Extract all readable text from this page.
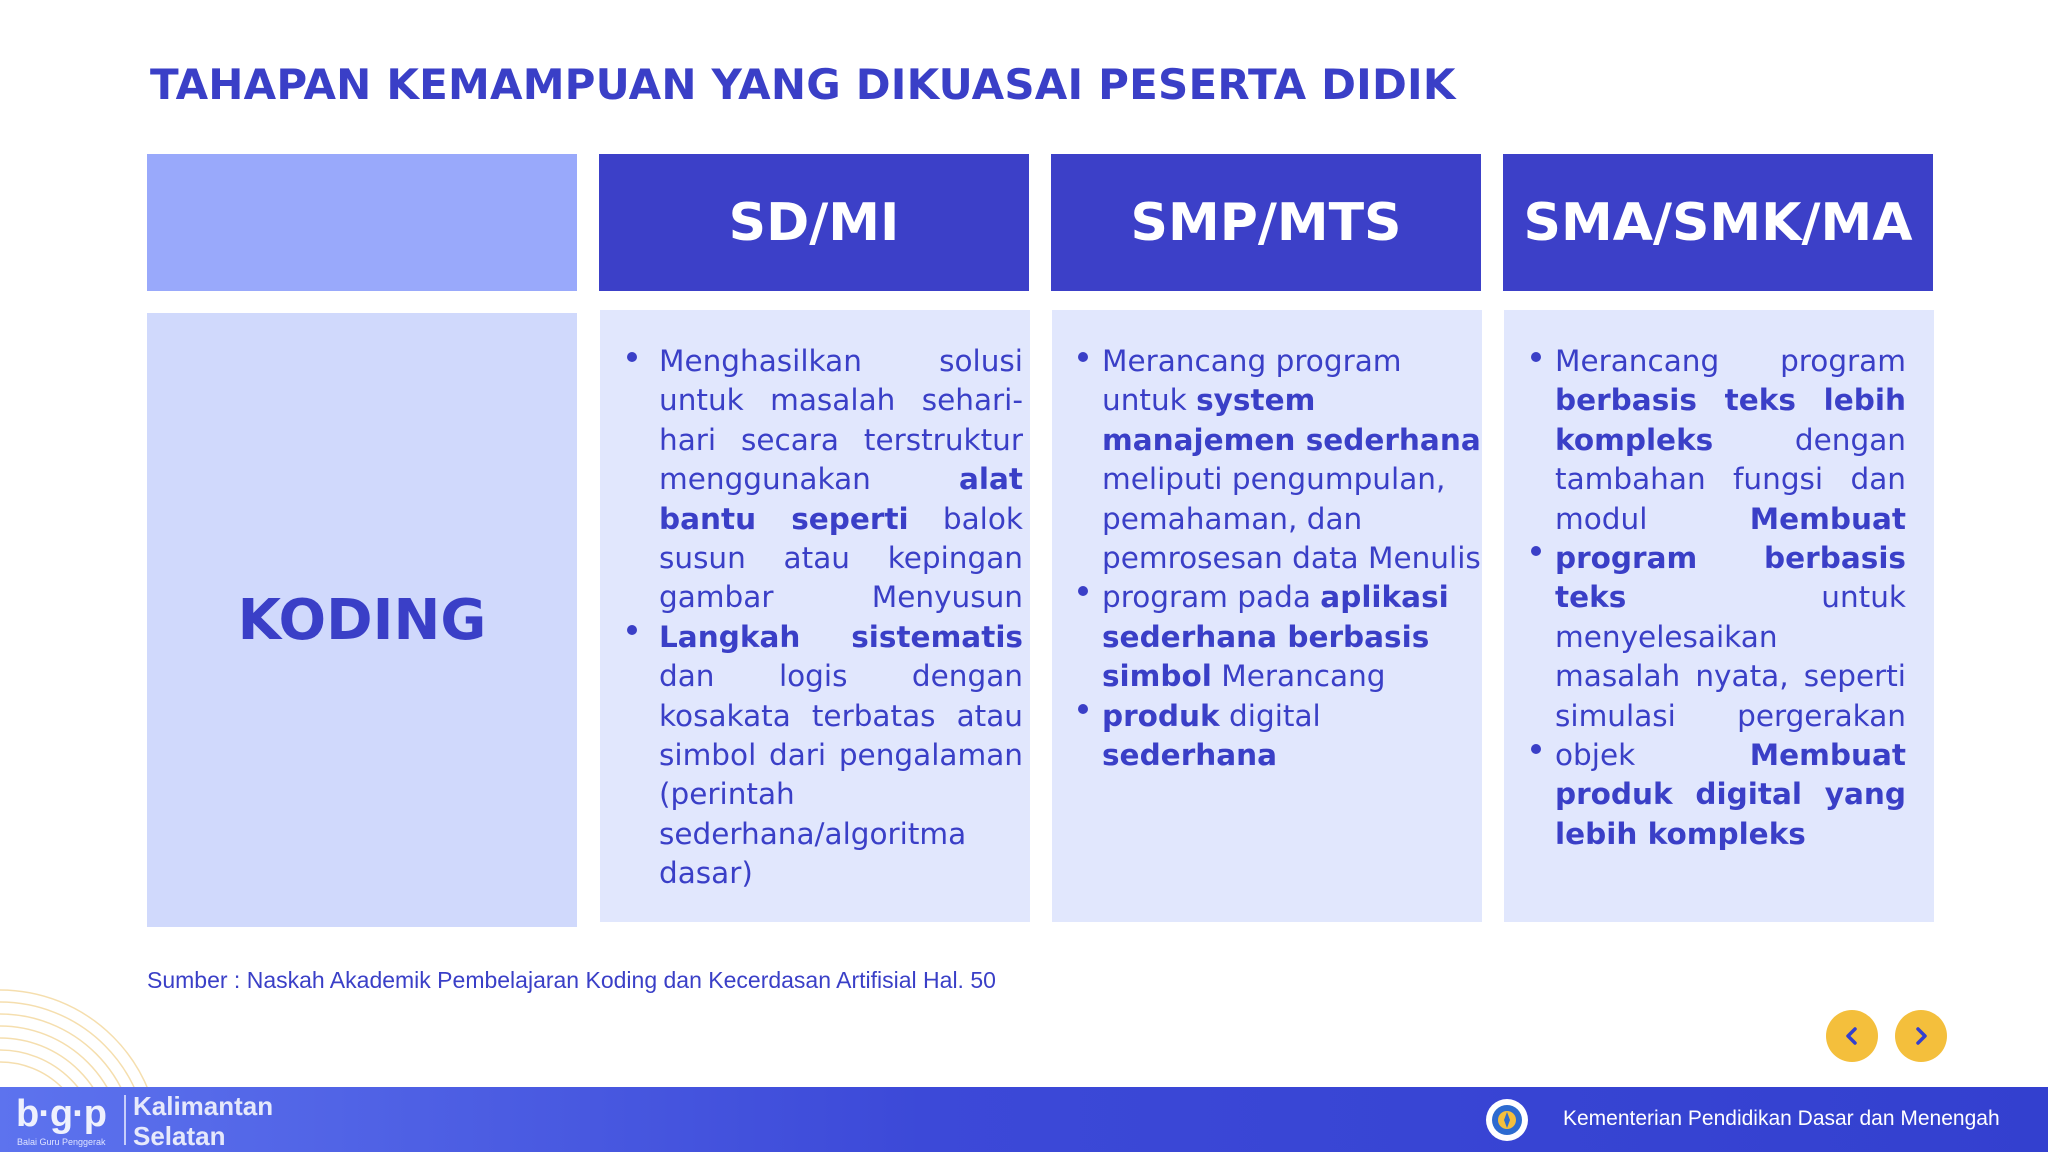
TAHAPAN KEMAMPUAN YANG DIKUASAI PESERTA DIDIK
SD/MI	SMP/MTS	SMA/SMK/MA
KODING
Menghasilkan solusi untuk masalah sehari- hari secara terstruktur menggunakan alat bantu seperti balok susun atau kepingan gambar Menyusun Langkah sistematis dan logis dengan kosakata terbatas atau simbol dari pengalaman (perintah sederhana/algoritma dasar)
Merancang program untuk system manajemen sederhana meliputi pengumpulan, pemahaman, dan pemrosesan data Menulis program pada aplikasi sederhana berbasis simbol Merancang produk digital sederhana
Merancang program berbasis teks lebih kompleks dengan tambahan fungsi dan modul Membuat program berbasis teks untuk menyelesaikan masalah nyata, seperti simulasi pergerakan objek Membuat produk digital yang lebih kompleks
Sumber : Naskah Akademik Pembelajaran Koding dan Kecerdasan Artifisial Hal. 50
b·g·p
Balai Guru Penggerak
Kalimantan
Selatan
Kementerian Pendidikan Dasar dan Menengah
